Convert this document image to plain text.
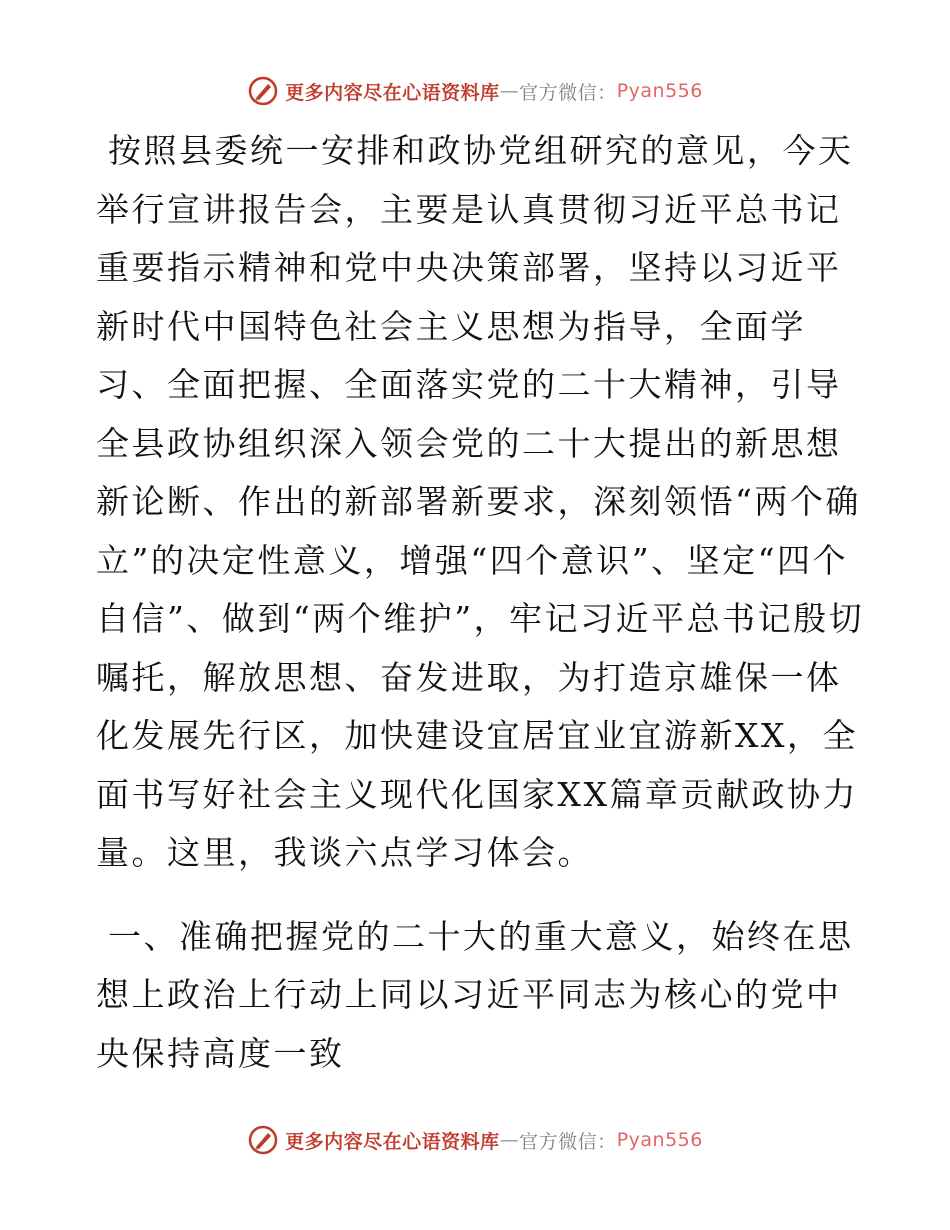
更多内容尽在心语资料库 — 官方微信： Pyan556

按照县委统一安排和政协党组研究的意见，今天举行宣讲报告会，主要是认真贯彻习近平总书记重要指示精神和党中央决策部署，坚持以习近平新时代中国特色社会主义思想为指导，全面学习、全面把握、全面落实党的二十大精神，引导全县政协组织深入领会党的二十大提出的新思想新论断、作出的新部署新要求，深刻领悟“两个确立”的决定性意义，增强“四个意识”、坚定“四个自信”、做到“两个维护”，牢记习近平总书记殷切嘱托，解放思想、奋发进取，为打造京雄保一体化发展先行区，加快建设宜居宜业宜游新XX，全面书写好社会主义现代化国家XX篇章贡献政协力量。这里，我谈六点学习体会。

一、准确把握党的二十大的重大意义，始终在思想上政治上行动上同以习近平同志为核心的党中央保持高度一致

更多内容尽在心语资料库 — 官方微信： Pyan556
